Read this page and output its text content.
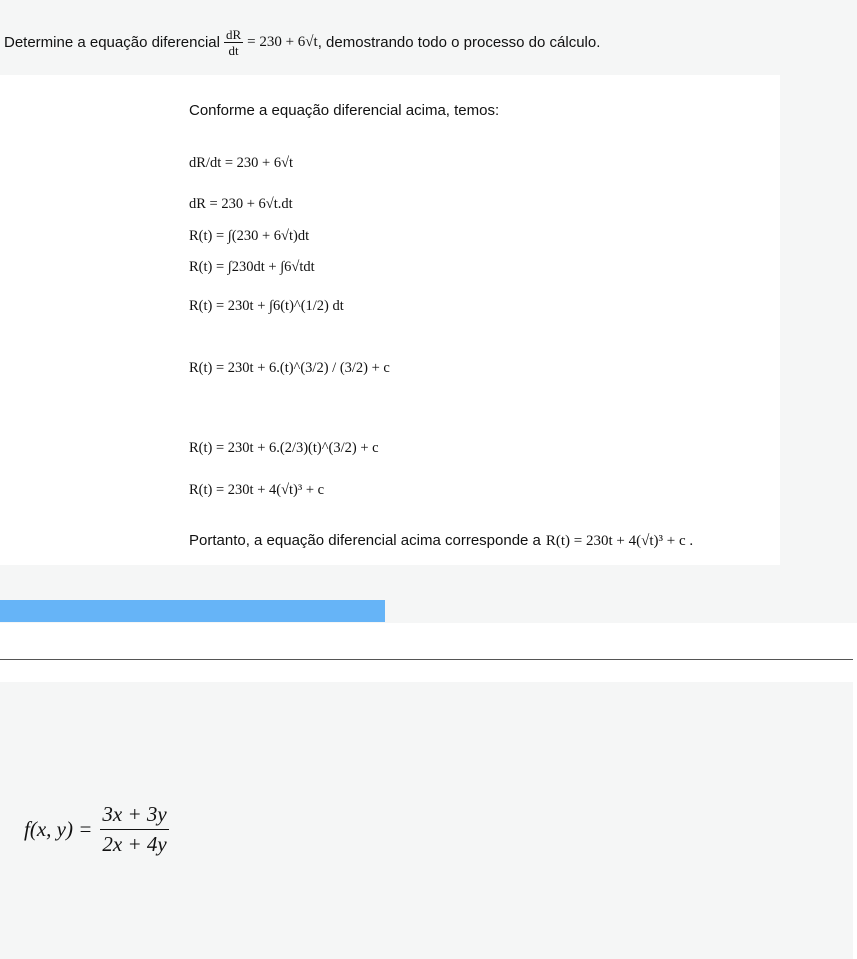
Determine a equação diferencial $\frac{dR}{dt} = 230 + 6√t$ , demostrando todo o processo do cálculo.
Conforme a equação diferencial acima, temos:
dR/dt = 230 + 6√t
dR = 230 + 6√t.dt
R(t) = ∫(230 + 6√t)dt
R(t) = ∫230dt + ∫6√tdt
R(t) = 230t + ∫6(t)^(1/2) dt
R(t) = 230t + 6.(t)^(3/2) / (3/2) + c
R(t) = 230t + 6.(2/3)(t)^(3/2) + c
R(t) = 230t + 4(√t)³ + c
Portanto, a equação diferencial acima corresponde a R(t) = 230t + 4(√t)³ + c .
f(x, $y) = \frac{3x + 3y}{2x + 4y}$
